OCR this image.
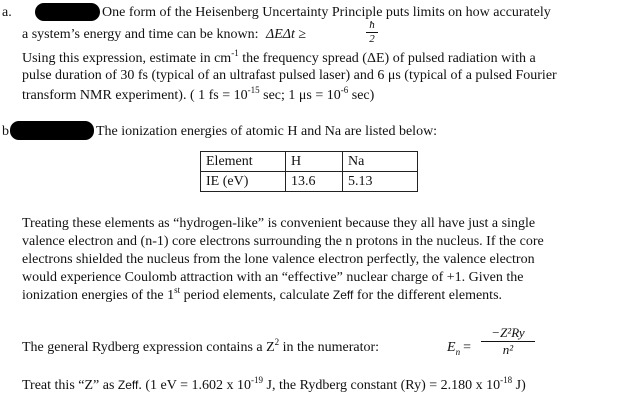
a.	One form of the Heisenberg Uncertainty Principle puts limits on how accurately
a system’s energy and time can be known: ΔEΔt ≥
ħ
2
Using this expression, estimate in $cm^{-1}$ the frequency spread (ΔE) of pulsed radiation with a
pulse duration of 30 fs (typical of an ultrafast pulsed laser) and 6 μs (typical of a pulsed Fourier
transform NMR experiment). ( 1 fs = $10^{-15}$ sec; 1 $\mu s = 10^{-6}$ sec)
b	The ionization energies of atomic H and Na are listed below:
Element	H	Na
IE (eV)	13.6	5.13
Treating these elements as “hydrogen-like” is convenient because they all have just a single
valence electron and (n-1) core electrons surrounding the n protons in the nucleus. If the core
electrons shielded the nucleus from the lone valence electron perfectly, the valence electron
would experience Coulomb attraction with an “effective” nuclear charge of +1. Given the
ionization energies of the 1st period elements, calculate Zeff for the different elements.
The general Rydberg expression contains a $Z^2$ in the numerator:	$E_n$ =
−Z²Ry
n²
Treat this “Z” as Zeff. (1 eV = 1.602 x $10^{-19}$ J, the Rydberg constant (Ry) = 2.180 x $10^{-18}$ J)
